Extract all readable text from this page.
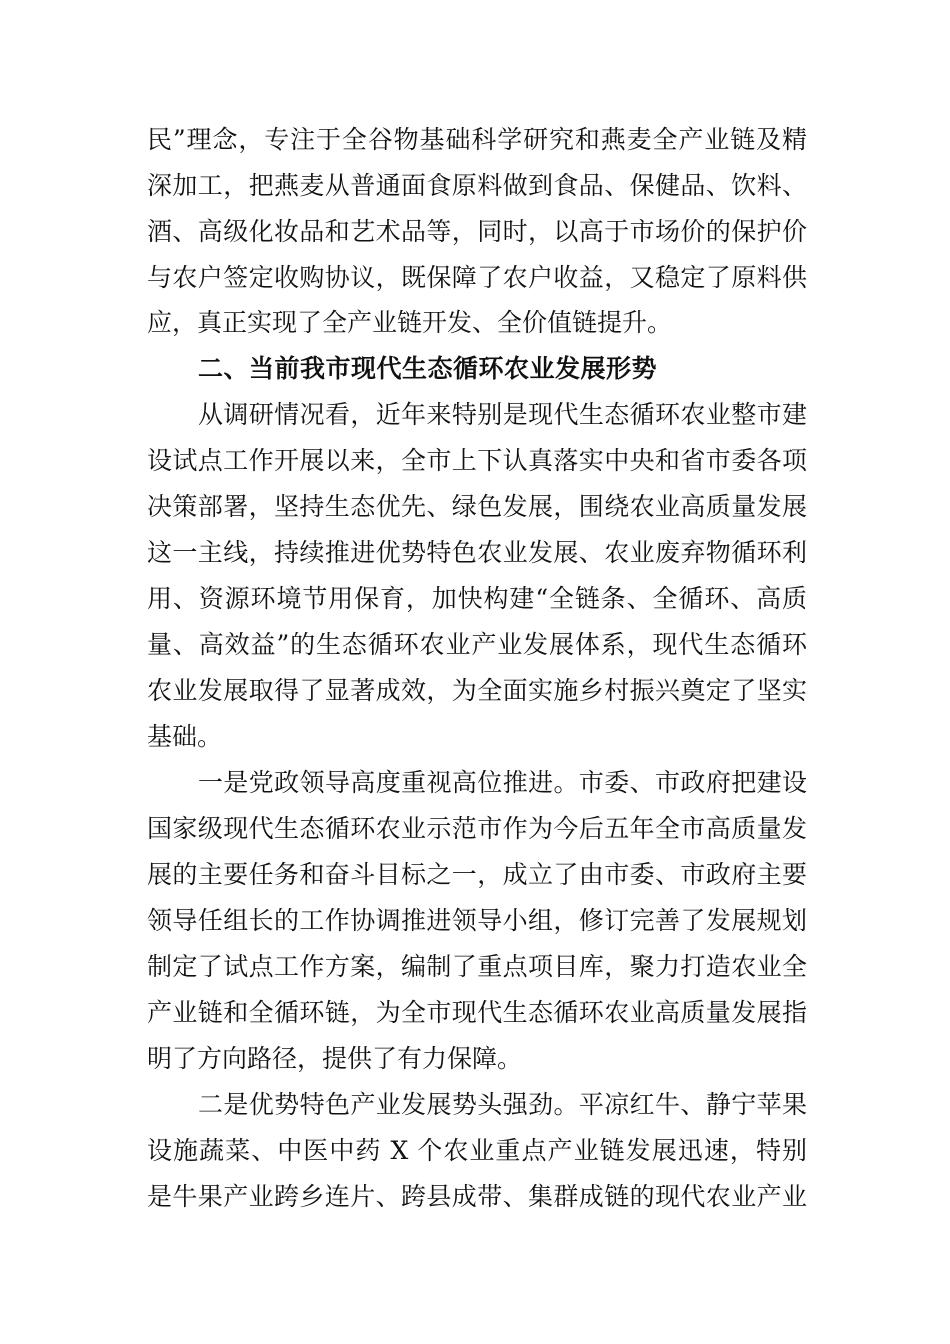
民”理念，专注于全谷物基础科学研究和燕麦全产业链及精
深加工，把燕麦从普通面食原料做到食品、保健品、饮料、
酒、高级化妆品和艺术品等，同时，以高于市场价的保护价
与农户签定收购协议，既保障了农户收益，又稳定了原料供
应，真正实现了全产业链开发、全价值链提升。
二、当前我市现代生态循环农业发展形势
从调研情况看，近年来特别是现代生态循环农业整市建
设试点工作开展以来，全市上下认真落实中央和省市委各项
决策部署，坚持生态优先、绿色发展，围绕农业高质量发展
这一主线，持续推进优势特色农业发展、农业废弃物循环利
用、资源环境节用保育，加快构建“全链条、全循环、高质
量、高效益”的生态循环农业产业发展体系，现代生态循环
农业发展取得了显著成效，为全面实施乡村振兴奠定了坚实
基础。
一是党政领导高度重视高位推进。市委、市政府把建设
国家级现代生态循环农业示范市作为今后五年全市高质量发
展的主要任务和奋斗目标之一，成立了由市委、市政府主要
领导任组长的工作协调推进领导小组，修订完善了发展规划
制定了试点工作方案，编制了重点项目库，聚力打造农业全
产业链和全循环链，为全市现代生态循环农业高质量发展指
明了方向路径，提供了有力保障。
二是优势特色产业发展势头强劲。平凉红牛、静宁苹果
设施蔬菜、中医中药 X 个农业重点产业链发展迅速，特别
是牛果产业跨乡连片、跨县成带、集群成链的现代农业产业
